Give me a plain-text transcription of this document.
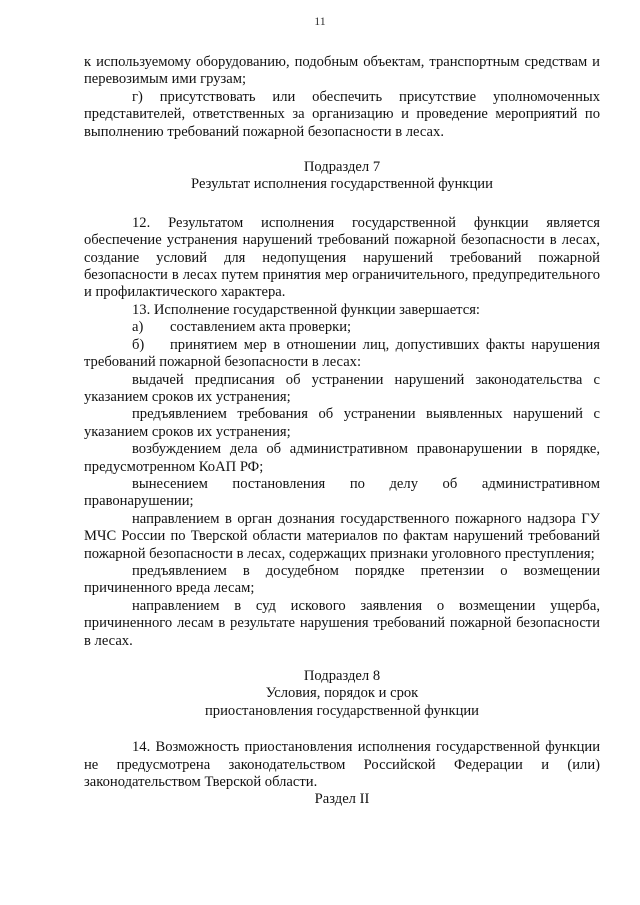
11

к используемому оборудованию, подобным объектам, транспортным средствам и перевозимым ими грузам;

г) присутствовать или обеспечить присутствие уполномоченных представителей, ответственных за организацию и проведение мероприятий по выполнению требований пожарной безопасности в лесах.

Подраздел 7

Результат исполнения государственной функции

12. Результатом исполнения государственной функции является обеспечение устранения нарушений требований пожарной безопасности в лесах, создание условий для недопущения нарушений требований пожарной безопасности в лесах путем принятия мер ограничительного, предупредительного и профилактического характера.

13. Исполнение государственной функции завершается:

а)	составлением акта проверки;
б)	принятием мер в отношении лиц, допустивших факты нарушения
требований пожарной безопасности в лесах:

выдачей предписания об устранении нарушений законодательства с указанием сроков их устранения;

предъявлением требования об устранении выявленных нарушений с указанием сроков их устранения;

возбуждением дела об административном правонарушении в порядке, предусмотренном КоАП РФ;

вынесением постановления по делу об административном правонарушении;

направлением в орган дознания государственного пожарного надзора ГУ МЧС России по Тверской области материалов по фактам нарушений требований пожарной безопасности в лесах, содержащих признаки уголовного преступления;

предъявлением в досудебном порядке претензии о возмещении причиненного вреда лесам;

направлением в суд искового заявления о возмещении ущерба, причиненного лесам в результате нарушения требований пожарной безопасности в лесах.

Подраздел 8

Условия, порядок и срок

приостановления государственной функции

14. Возможность приостановления исполнения государственной функции не предусмотрена законодательством Российской Федерации и (или) законодательством Тверской области.

Раздел II
